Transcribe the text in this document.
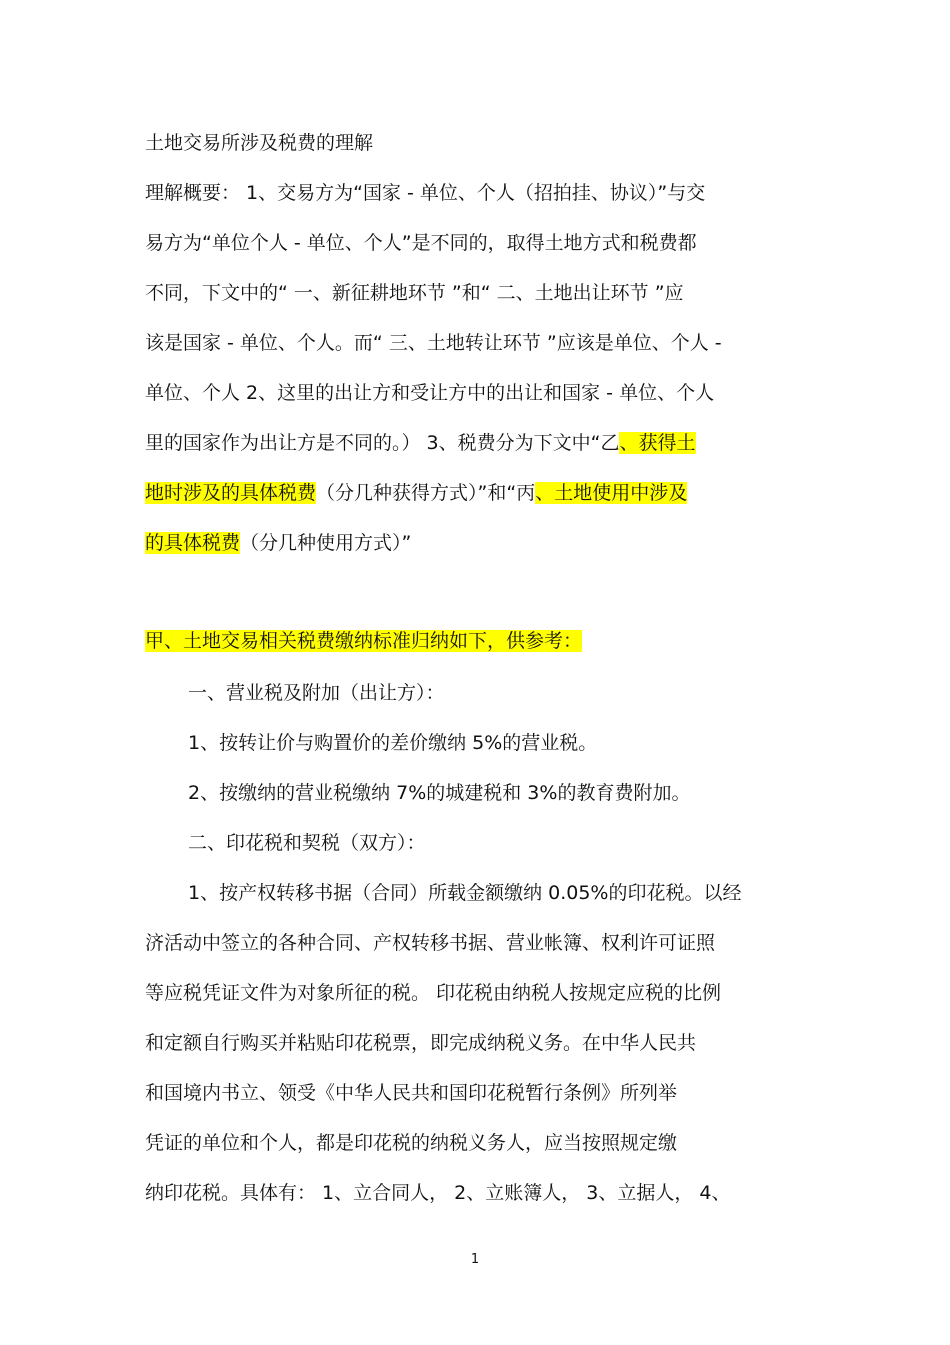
土地交易所涉及税费的理解
理解概要： 1、交易方为“国家 - 单位、个人（招拍挂、协议）”与交
易方为“单位个人 - 单位、个人”是不同的，取得土地方式和税费都
不同，下文中的“ 一、新征耕地环节 ”和“ 二、土地出让环节 ”应
该是国家 - 单位、个人。而“ 三、土地转让环节 ”应该是单位、个人 -
单位、个人 2、这里的出让方和受让方中的出让和国家 - 单位、个人
里的国家作为出让方是不同的。） 3、税费分为下文中“乙、获得土
地时涉及的具体税费（分几种获得方式）”和“丙、土地使用中涉及
的具体税费（分几种使用方式）”
甲、土地交易相关税费缴纳标准归纳如下，供参考：
一、营业税及附加（出让方）：
1、按转让价与购置价的差价缴纳 5%的营业税。
2、按缴纳的营业税缴纳 7%的城建税和 3%的教育费附加。
二、印花税和契税（双方）：
1、按产权转移书据（合同）所载金额缴纳 0.05%的印花税。以经
济活动中签立的各种合同、产权转移书据、营业帐簿、权利许可证照
等应税凭证文件为对象所征的税。 印花税由纳税人按规定应税的比例
和定额自行购买并粘贴印花税票，即完成纳税义务。在中华人民共
和国境内书立、领受《中华人民共和国印花税暂行条例》所列举
凭证的单位和个人，都是印花税的纳税义务人，应当按照规定缴
纳印花税。具体有： 1、立合同人， 2、立账簿人， 3、立据人， 4、
1
